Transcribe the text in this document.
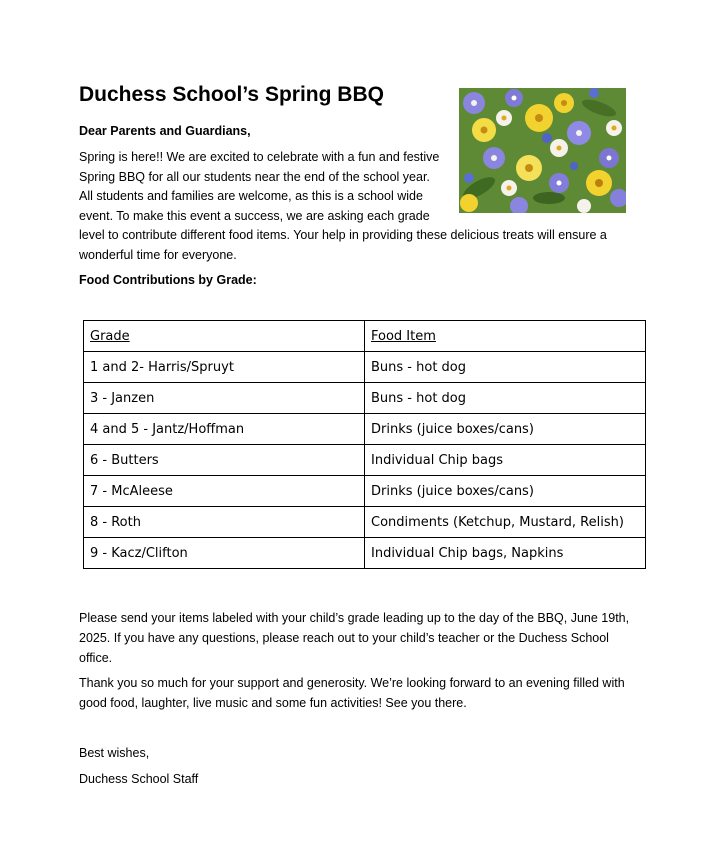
Duchess School’s Spring BBQ

Dear Parents and Guardians,

Spring is here!! We are excited to celebrate with a fun and festive
Spring BBQ for all our students near the end of the school year.
All students and families are welcome, as this is a school wide
event. To make this event a success, we are asking each grade
level to contribute different food items. Your help in providing these delicious treats will ensure a
wonderful time for everyone.

Food Contributions by Grade:

Grade	Food Item
1 and 2- Harris/Spruyt	Buns - hot dog
3 - Janzen	Buns - hot dog
4 and 5 - Jantz/Hoffman	Drinks (juice boxes/cans)
6 - Butters	Individual Chip bags
7 - McAleese	Drinks (juice boxes/cans)
8 - Roth	Condiments (Ketchup, Mustard, Relish)
9 - Kacz/Clifton	Individual Chip bags, Napkins

Please send your items labeled with your child’s grade leading up to the day of the BBQ, June 19th,
2025. If you have any questions, please reach out to your child’s teacher or the Duchess School
office.

Thank you so much for your support and generosity. We’re looking forward to an evening filled with
good food, laughter, live music and some fun activities! See you there.

Best wishes,

Duchess School Staff
